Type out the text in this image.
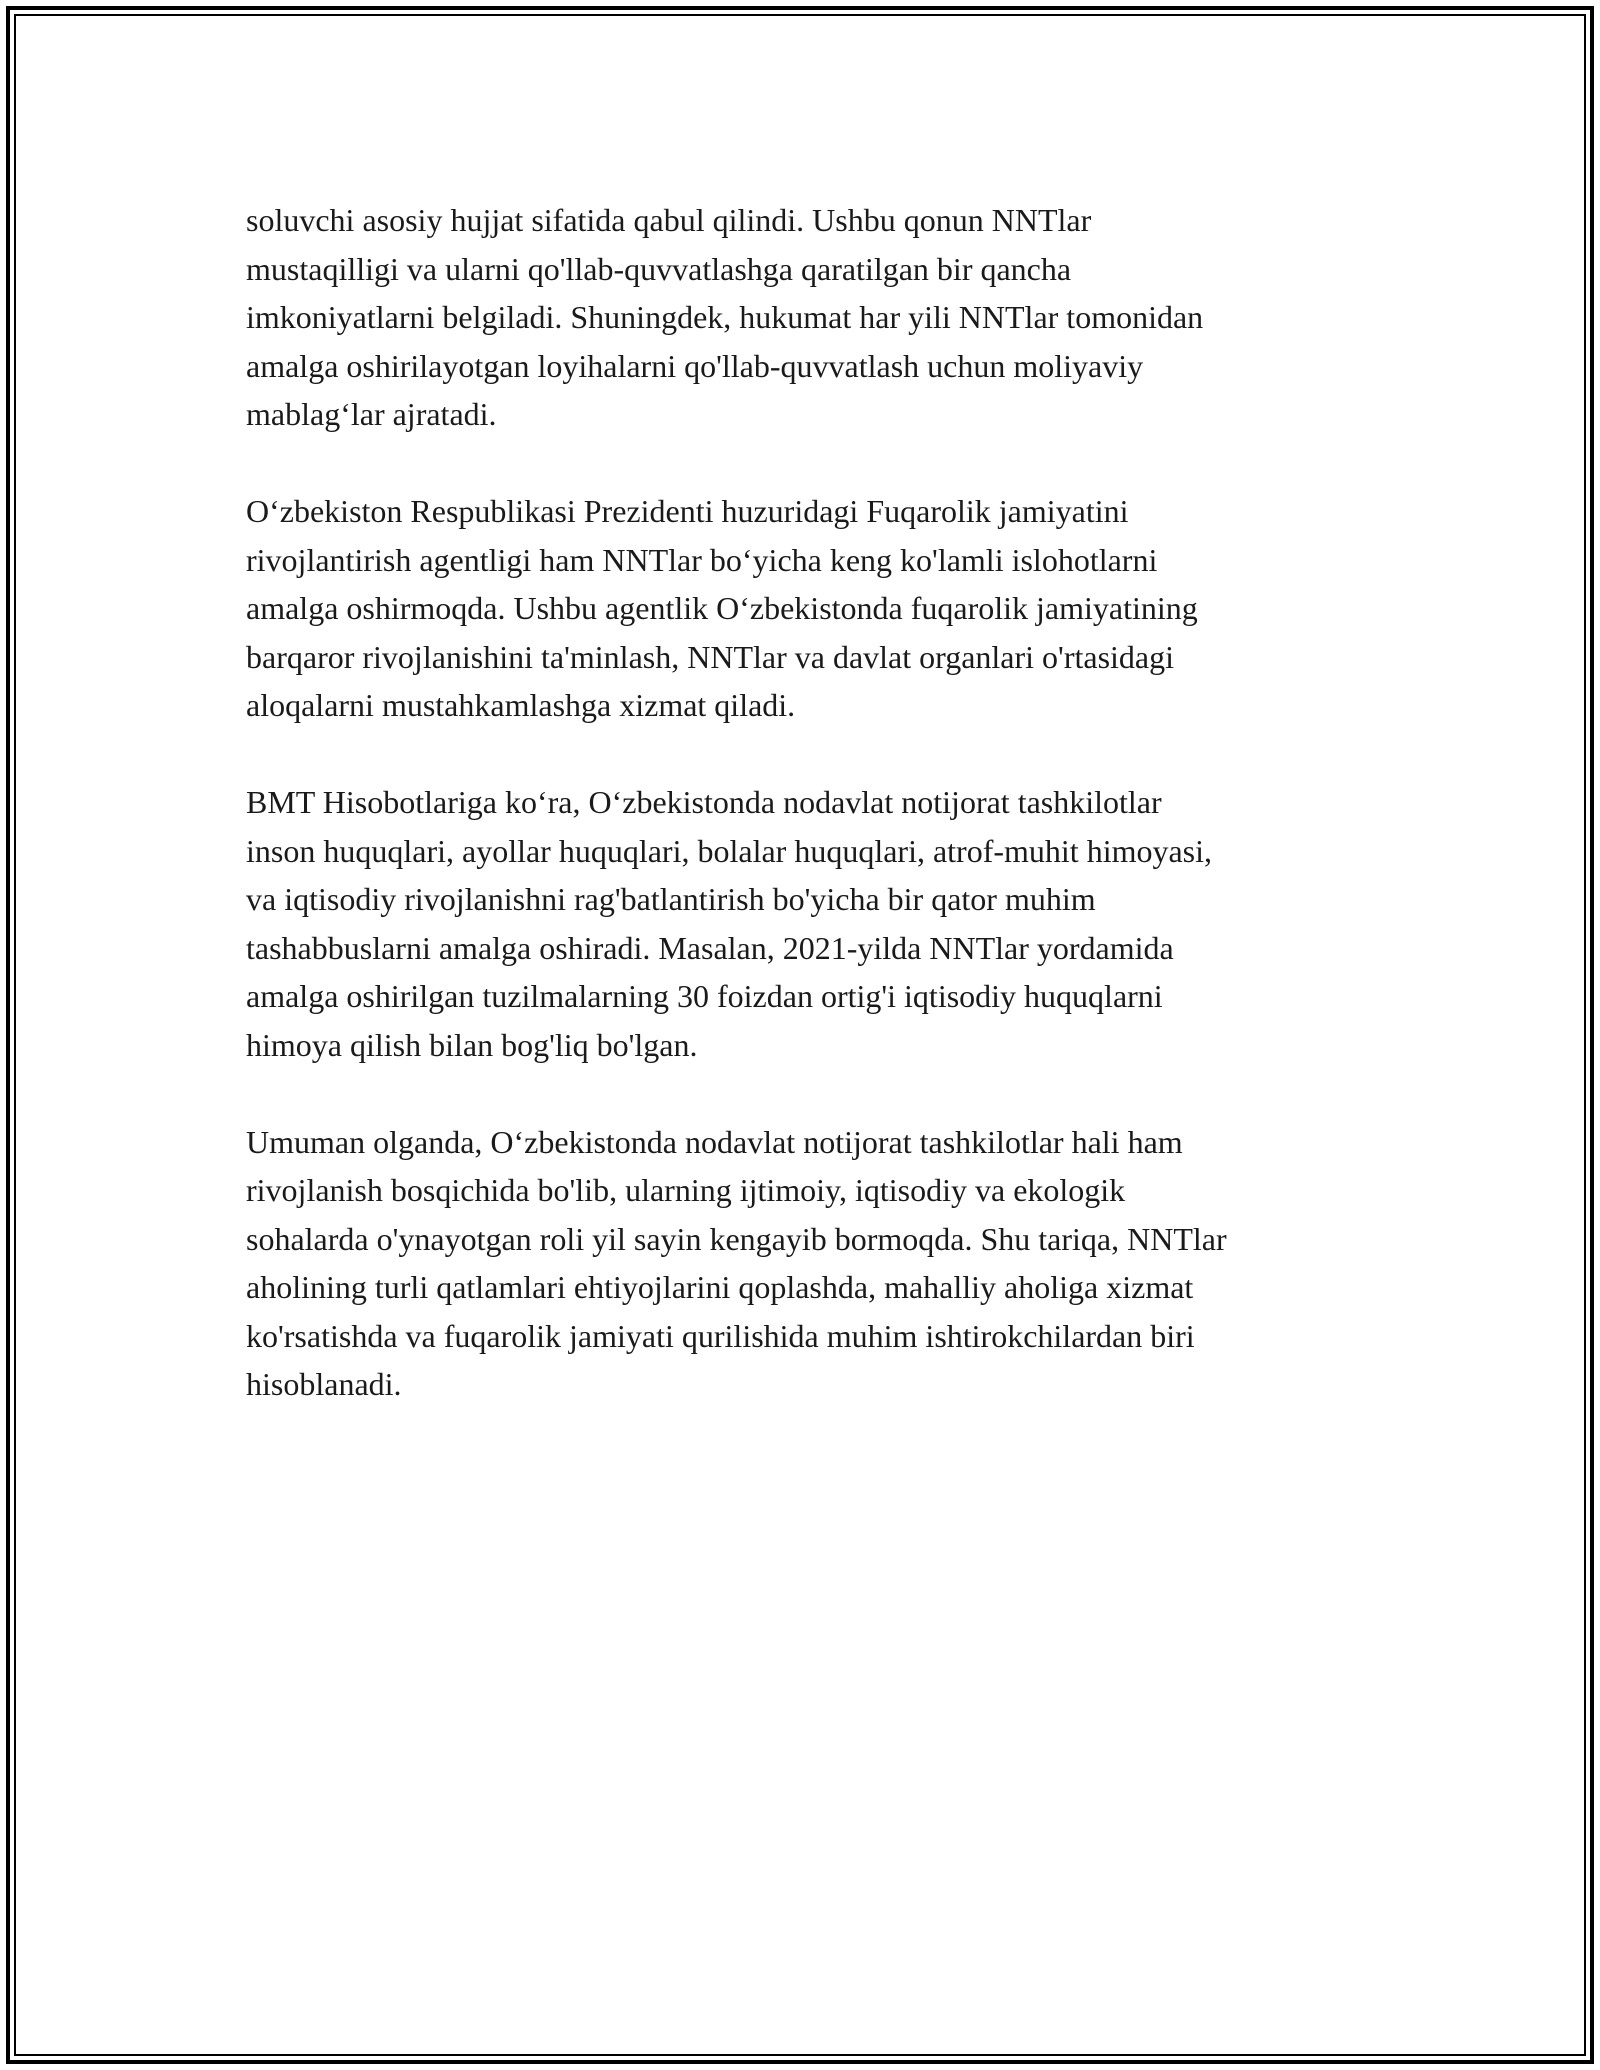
soluvchi asosiy hujjat sifatida qabul qilindi. Ushbu qonun NNTlar
mustaqilligi va ularni qo'llab-quvvatlashga qaratilgan bir qancha
imkoniyatlarni belgiladi. Shuningdek, hukumat har yili NNTlar tomonidan
amalga oshirilayotgan loyihalarni qo'llab-quvvatlash uchun moliyaviy
mablag‘lar ajratadi.

O‘zbekiston Respublikasi Prezidenti huzuridagi Fuqarolik jamiyatini
rivojlantirish agentligi ham NNTlar bo‘yicha keng ko'lamli islohotlarni
amalga oshirmoqda. Ushbu agentlik O‘zbekistonda fuqarolik jamiyatining
barqaror rivojlanishini ta'minlash, NNTlar va davlat organlari o'rtasidagi
aloqalarni mustahkamlashga xizmat qiladi.

BMT Hisobotlariga ko‘ra, O‘zbekistonda nodavlat notijorat tashkilotlar
inson huquqlari, ayollar huquqlari, bolalar huquqlari, atrof-muhit himoyasi,
va iqtisodiy rivojlanishni rag'batlantirish bo'yicha bir qator muhim
tashabbuslarni amalga oshiradi. Masalan, 2021-yilda NNTlar yordamida
amalga oshirilgan tuzilmalarning 30 foizdan ortig'i iqtisodiy huquqlarni
himoya qilish bilan bog'liq bo'lgan.

Umuman olganda, O‘zbekistonda nodavlat notijorat tashkilotlar hali ham
rivojlanish bosqichida bo'lib, ularning ijtimoiy, iqtisodiy va ekologik
sohalarda o'ynayotgan roli yil sayin kengayib bormoqda. Shu tariqa, NNTlar
aholining turli qatlamlari ehtiyojlarini qoplashda, mahalliy aholiga xizmat
ko'rsatishda va fuqarolik jamiyati qurilishida muhim ishtirokchilardan biri
hisoblanadi.
